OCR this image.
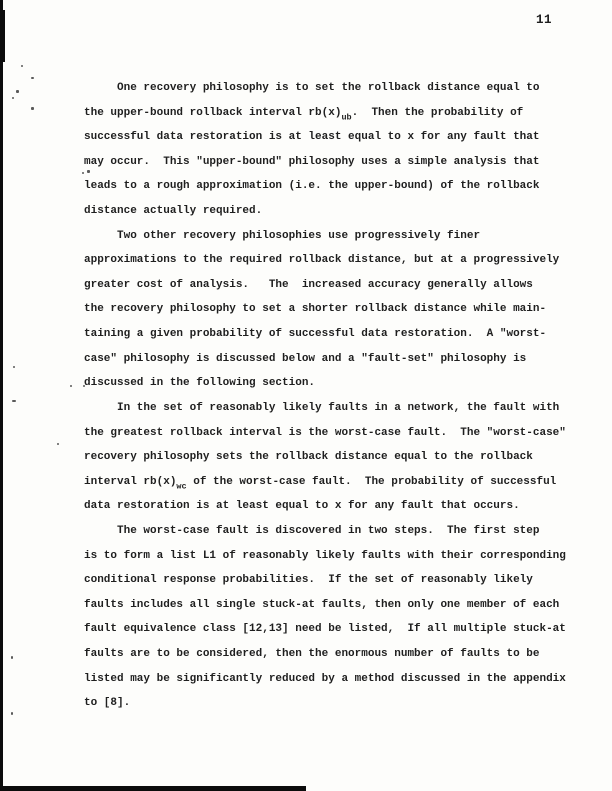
11
One recovery philosophy is to set the rollback distance equal to
the upper-bound rollback interval $rb(x)_{ub}$.  Then the probability of
successful data restoration is at least equal to x for any fault that
may occur.  This "upper-bound" philosophy uses a simple analysis that
leads to a rough approximation (i.e. the upper-bound) of the rollback
distance actually required.
Two other recovery philosophies use progressively finer
approximations to the required rollback distance, but at a progressively
greater cost of analysis.   The  increased accuracy generally allows
the recovery philosophy to set a shorter rollback distance while main-
taining a given probability of successful data restoration.  A "worst-
case" philosophy is discussed below and a "fault-set" philosophy is
discussed in the following section.
In the set of reasonably likely faults in a network, the fault with
the greatest rollback interval is the worst-case fault.  The "worst-case"
recovery philosophy sets the rollback distance equal to the rollback
interval $rb(x)_{wc}$ of the worst-case fault.  The probability of successful
data restoration is at least equal to x for any fault that occurs.
The worst-case fault is discovered in two steps.  The first step
is to form a list L1 of reasonably likely faults with their corresponding
conditional response probabilities.  If the set of reasonably likely
faults includes all single stuck-at faults, then only one member of each
fault equivalence class [12,13] need be listed,  If all multiple stuck-at
faults are to be considered, then the enormous number of faults to be
listed may be significantly reduced by a method discussed in the appendix
to [8].
